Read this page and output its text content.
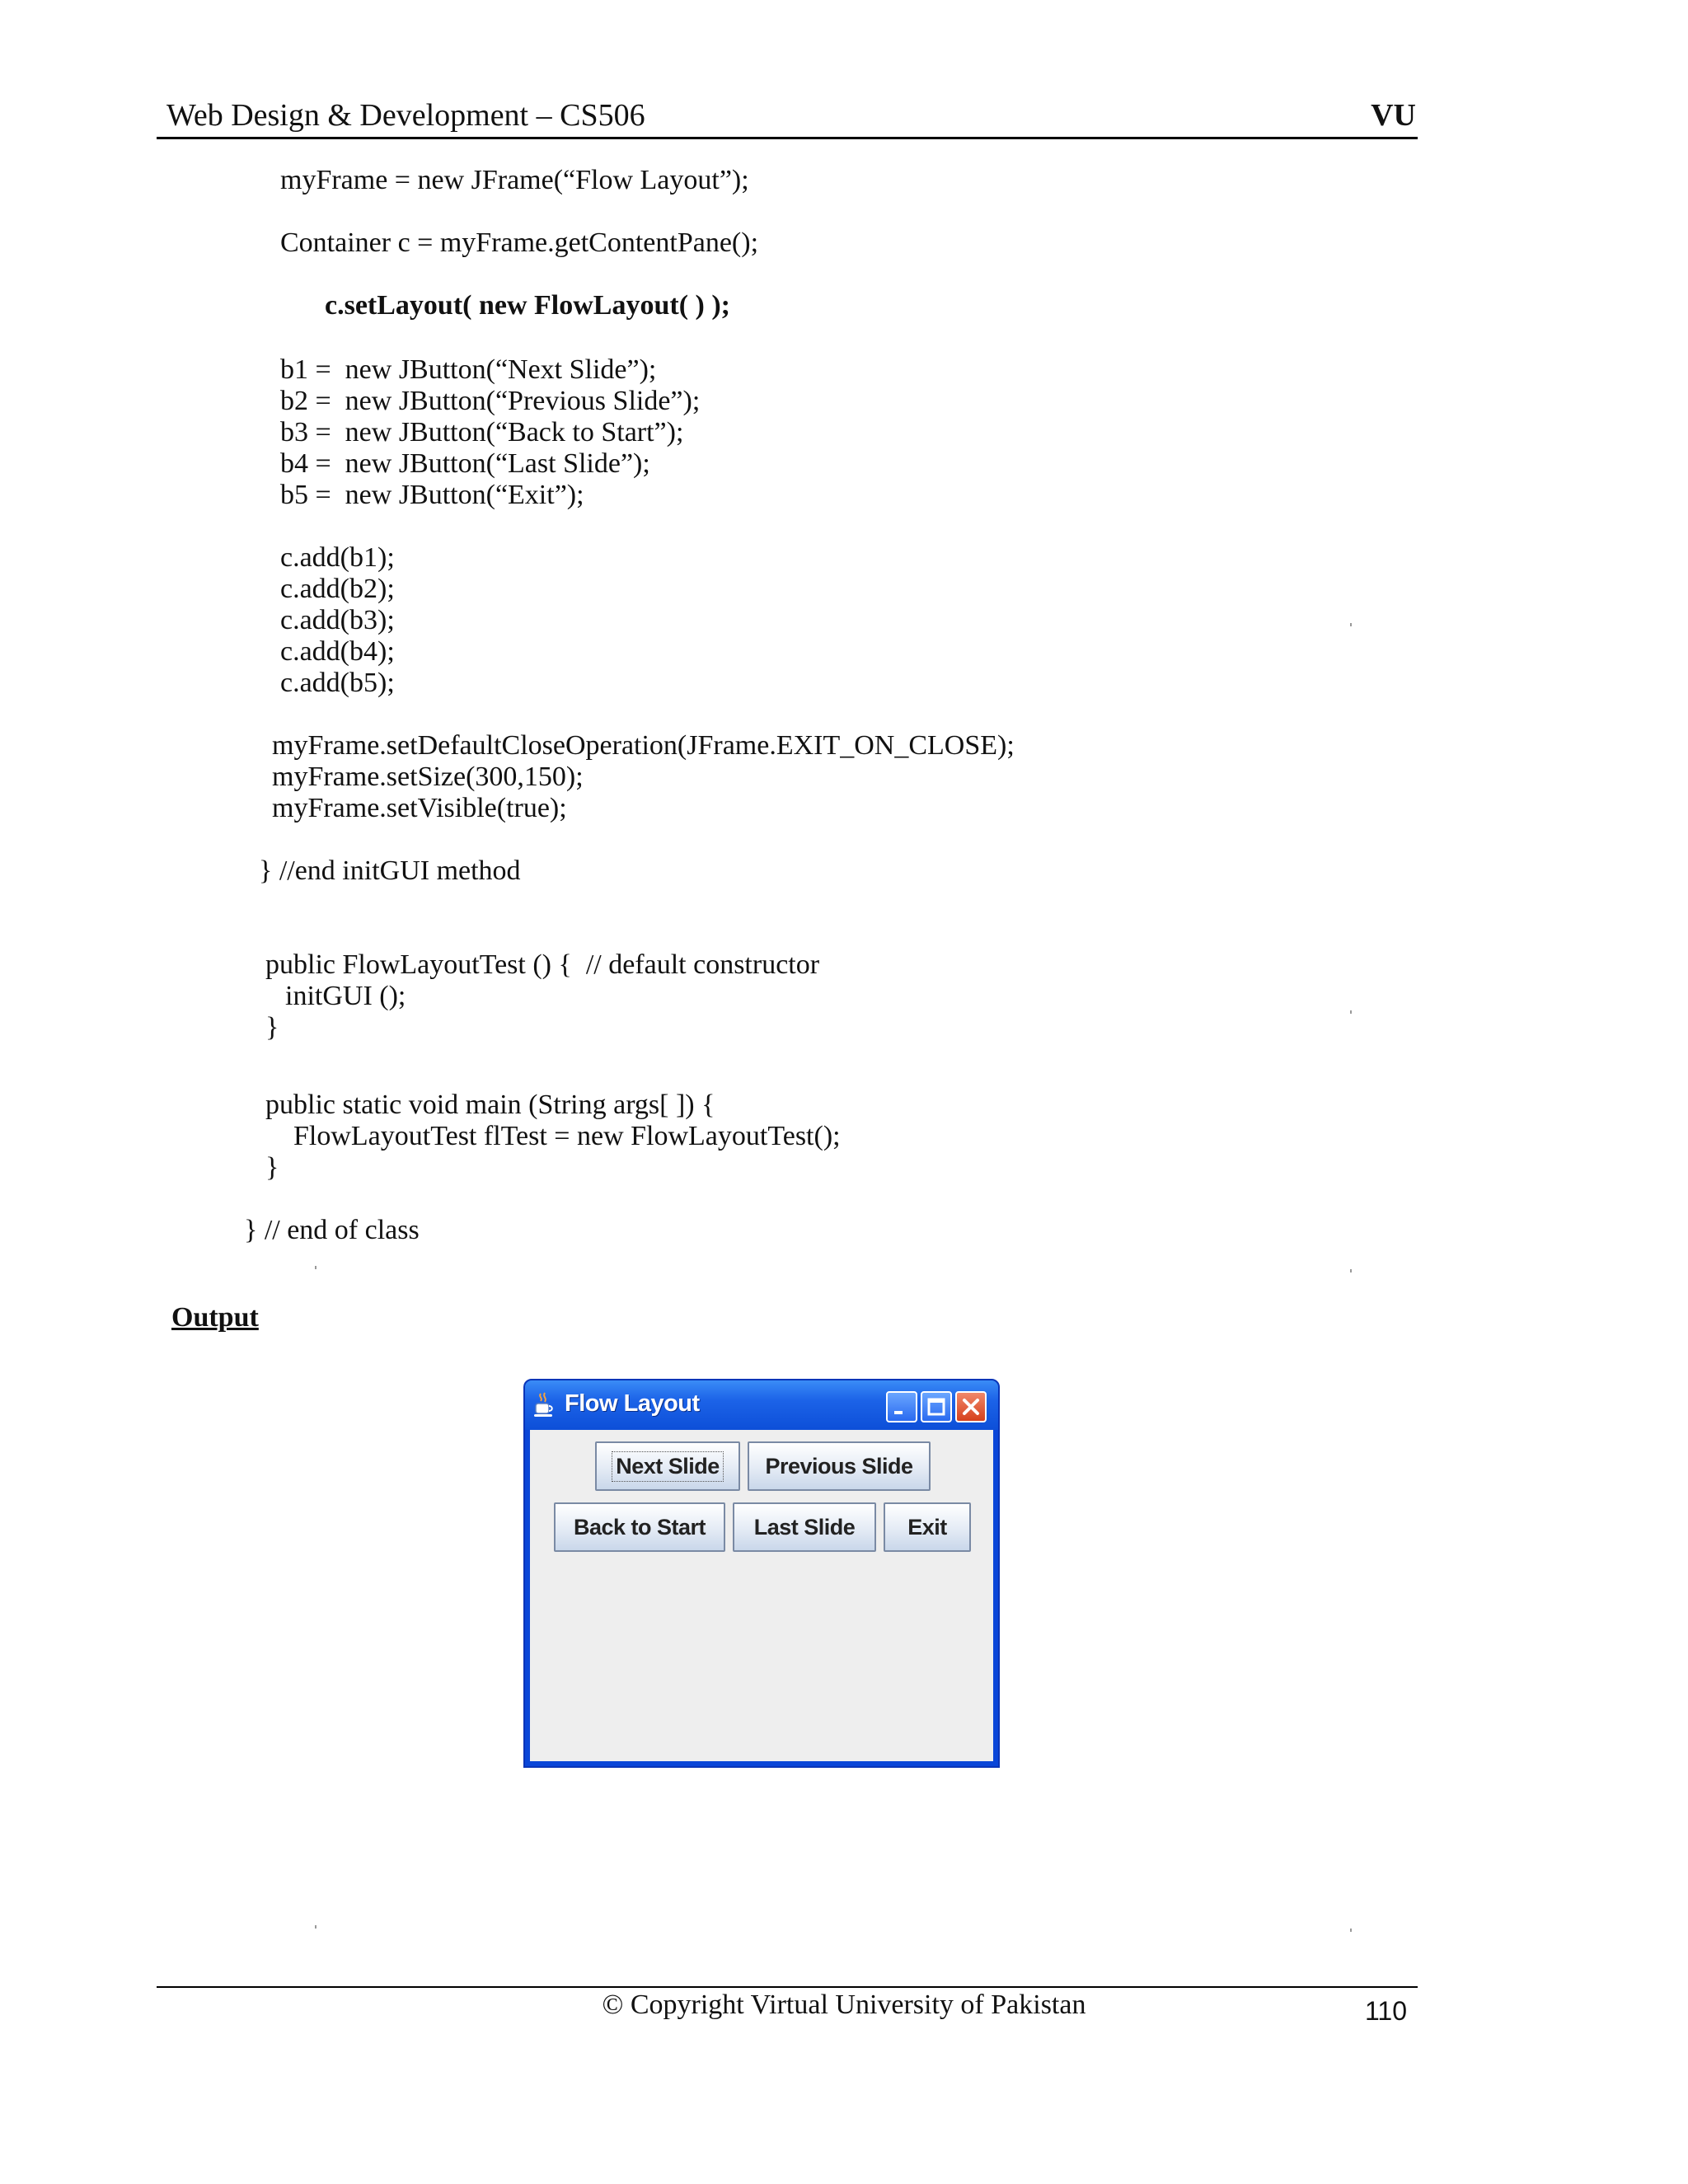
Web Design & Development – CS506	VU
myFrame = new JFrame(“Flow Layout”);
Container c = myFrame.getContentPane();
c.setLayout( new FlowLayout( ) );
b1 =  new JButton(“Next Slide”);
b2 =  new JButton(“Previous Slide”);
b3 =  new JButton(“Back to Start”);
b4 =  new JButton(“Last Slide”);
b5 =  new JButton(“Exit”);
c.add(b1);
c.add(b2);
c.add(b3);
c.add(b4);
c.add(b5);
myFrame.setDefaultCloseOperation(JFrame.EXIT_ON_CLOSE);
myFrame.setSize(300,150);
myFrame.setVisible(true);
} //end initGUI method
public FlowLayoutTest () {  // default constructor
initGUI ();
}
public static void main (String args[ ]) {
FlowLayoutTest flTest = new FlowLayoutTest();
}
} // end of class
Output
Flow Layout
Next Slide Previous Slide
Back to Start Last Slide Exit
© Copyright Virtual University of Pakistan	110
